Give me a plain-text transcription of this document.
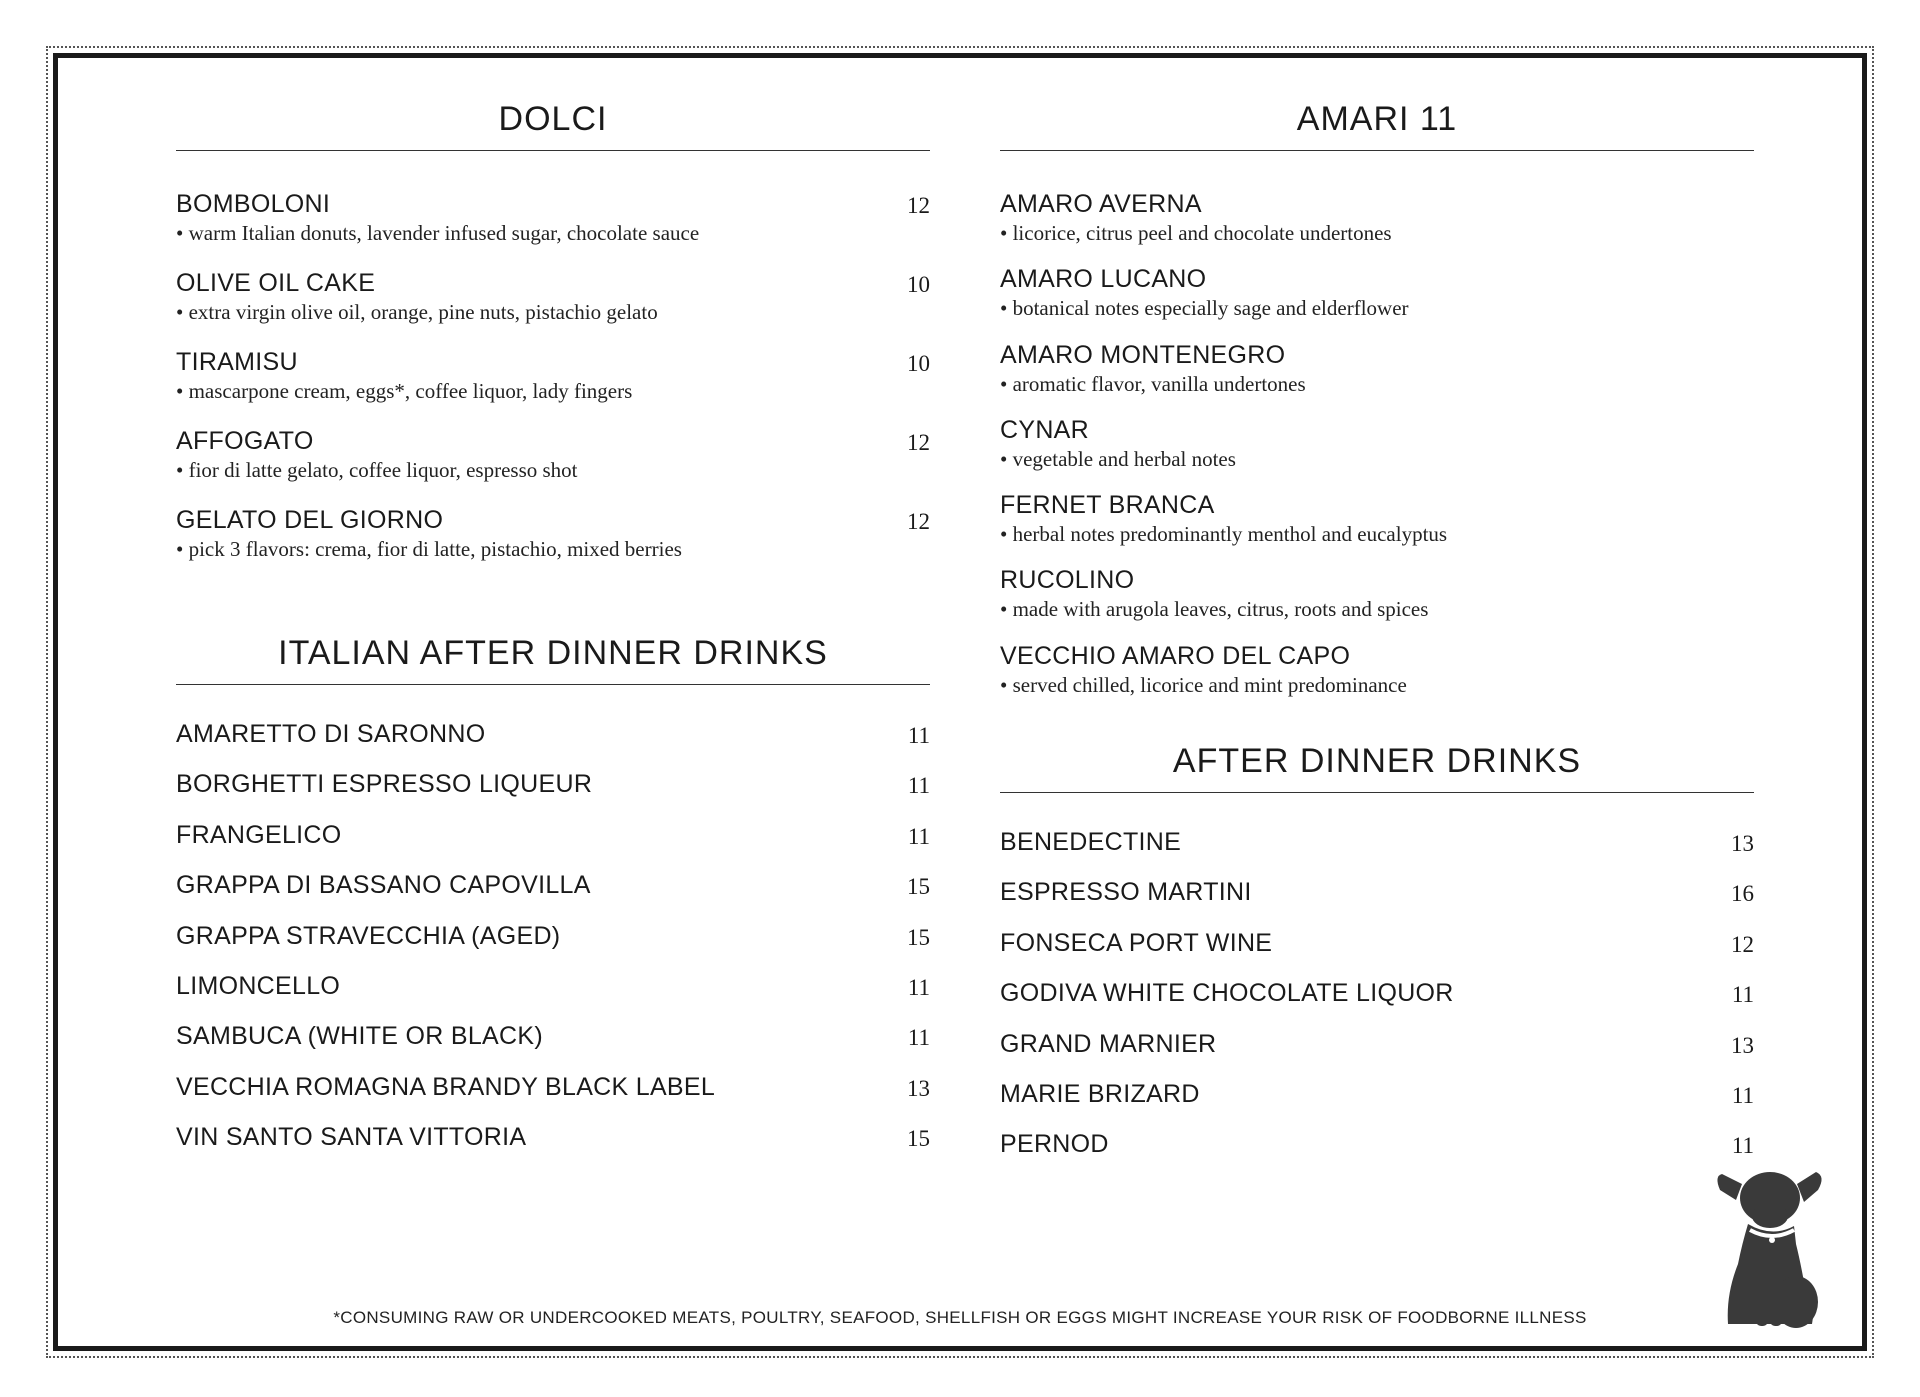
DOLCI
BOMBOLONI	12
• warm Italian donuts, lavender infused sugar, chocolate sauce
OLIVE OIL CAKE	10
• extra virgin olive oil, orange, pine nuts, pistachio gelato
TIRAMISU	10
• mascarpone cream, eggs*, coffee liquor, lady fingers
AFFOGATO	12
• fior di latte gelato, coffee liquor, espresso shot
GELATO DEL GIORNO	12
• pick 3 flavors: crema, fior di latte, pistachio, mixed berries
ITALIAN AFTER DINNER DRINKS
AMARETTO DI SARONNO	11
BORGHETTI ESPRESSO LIQUEUR	11
FRANGELICO	11
GRAPPA DI BASSANO CAPOVILLA	15
GRAPPA STRAVECCHIA (AGED)	15
LIMONCELLO	11
SAMBUCA (WHITE OR BLACK)	11
VECCHIA ROMAGNA BRANDY BLACK LABEL	13
VIN SANTO SANTA VITTORIA	15
AMARI 11
AMARO AVERNA
• licorice, citrus peel and chocolate undertones
AMARO LUCANO
• botanical notes especially sage and elderflower
AMARO MONTENEGRO
• aromatic flavor, vanilla undertones
CYNAR
• vegetable and herbal notes
FERNET BRANCA
• herbal notes predominantly menthol and eucalyptus
RUCOLINO
• made with arugola leaves, citrus, roots and spices
VECCHIO AMARO DEL CAPO
• served chilled, licorice and mint predominance
AFTER DINNER DRINKS
BENEDECTINE	13
ESPRESSO MARTINI	16
FONSECA PORT WINE	12
GODIVA WHITE CHOCOLATE LIQUOR	11
GRAND MARNIER	13
MARIE BRIZARD	11
PERNOD	11
*CONSUMING RAW OR UNDERCOOKED MEATS, POULTRY, SEAFOOD, SHELLFISH OR EGGS MIGHT INCREASE YOUR RISK OF FOODBORNE ILLNESS
